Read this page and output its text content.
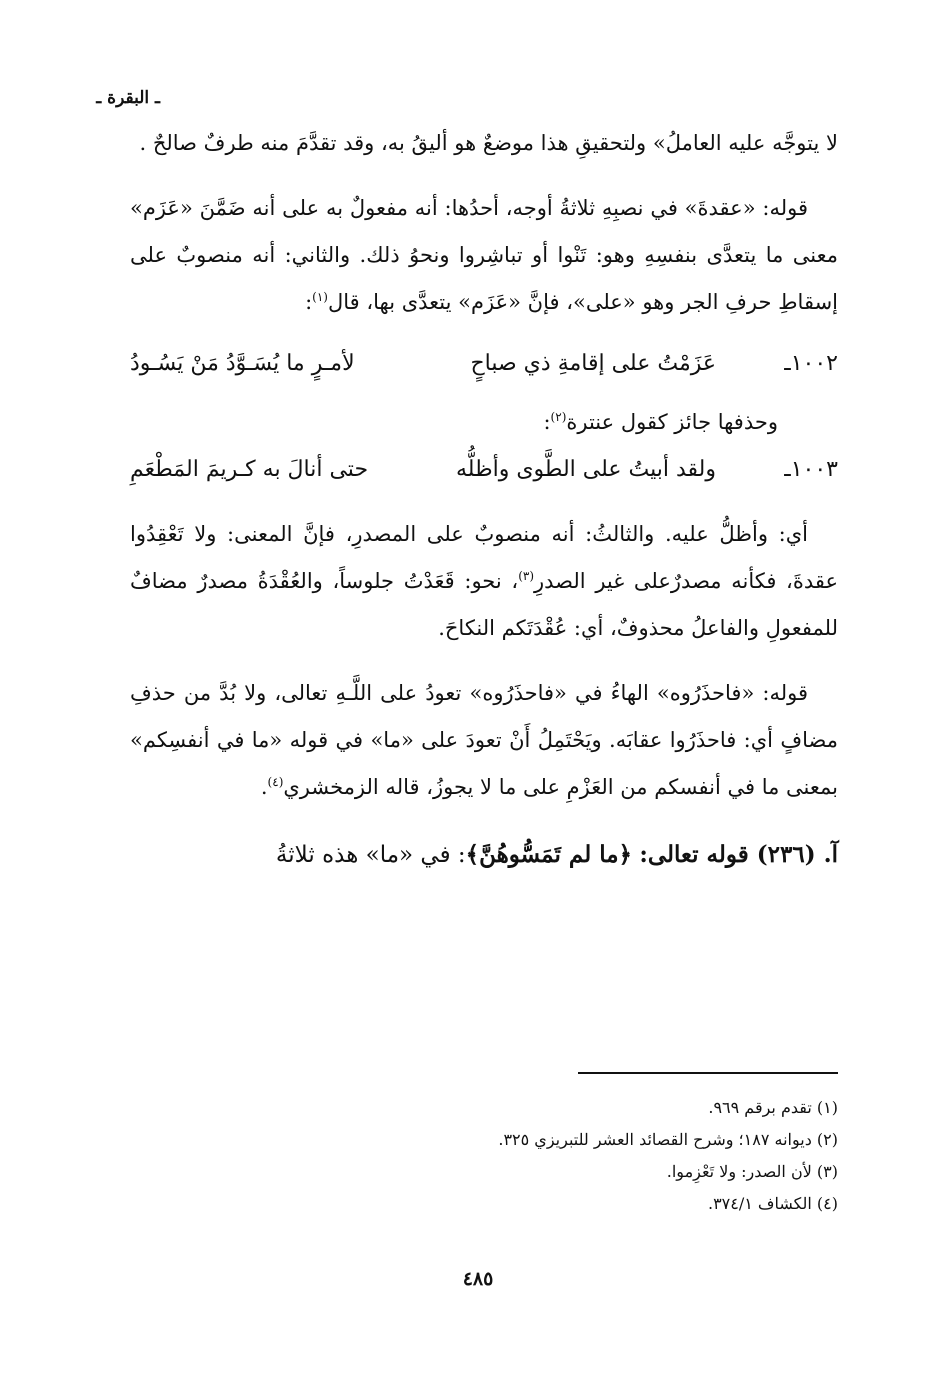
ـ البقرة ـ

لا يتوجَّه عليه العاملُ» ولتحقيقِ هذا موضعٌ هو أليقُ به، وقد تقدَّمَ منه طرفٌ صالحٌ .

قوله: «عقدةَ» في نصبِهِ ثلاثةُ أوجه، أحدُها: أنه مفعولٌ به على أنه ضَمَّنَ «عَزَم» معنى ما يتعدَّى بنفسِهِ وهو: تَنْوا أو تباشِروا ونحوُ ذلك. والثاني: أنه منصوبٌ على إسقاطِ حرفِ الجر وهو «على»، فإنَّ «عَزَم» يتعدَّى بها، قال$^{(١)}$:

١٠٠٢ـ
عَزَمْتُ على إقامةِ ذي صباحٍ
لأمـرٍ ما يُسَـوَّدُ مَنْ يَسُـودُ

وحذفها جائز كقول عنترة$^{(٢)}$:

١٠٠٣ـ
ولقد أبيتُ على الطَّوى وأظلُّه
حتى أنالَ به كـريمَ المَطْعَمِ

أي: وأظلُّ عليه. والثالثُ: أنه منصوبٌ على المصدرِ، فإنَّ المعنى: ولا تَعْقِدُوا عقدةَ، فكأنه مصدرٌعلى غير الصدرِ$^{(٣)}$، نحو: قَعَدْتُ جلوساً، والعُقْدَةُ مصدرٌ مضافٌ للمفعولِ والفاعلُ محذوفٌ، أي: عُقْدَتَكم النكاحَ.

قوله: «فاحذَرُوه» الهاءُ في «فاحذَرُوه» تعودُ على اللَّـهِ تعالى، ولا بُدَّ من حذفِ مضافٍ أي: فاحذَرُوا عقابَه. ويَحْتَمِلُ أَنْ تعودَ على «ما» في قوله «ما في أنفسِكم» بمعنى ما في أنفسكم من العَزْمِ على ما لا يجوزُ، قاله الزمخشري$^{(٤)}$.

آ. (٢٣٦) قوله تعالى: ﴿ما لم تَمَسُّوهُنَّ﴾: في «ما» هذه ثلاثةُ

(١) تقدم برقم ٩٦٩.
(٢) ديوانه ١٨٧؛ وشرح القصائد العشر للتبريزي ٣٢٥.
(٣) لأن الصدر: ولا تَعْزِموا.
(٤) الكشاف ٣٧٤/١.
٤٨٥
